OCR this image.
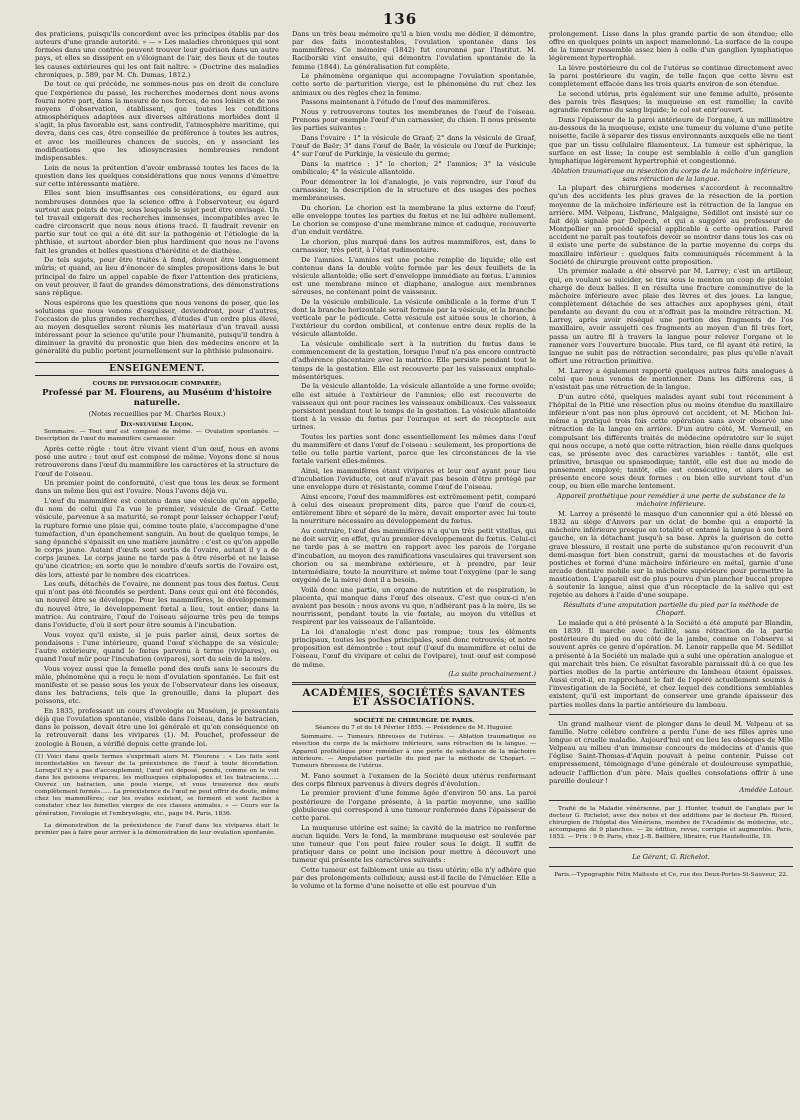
136

des praticiens, puisqu'ils concordent avec les principes établis par des auteurs d'une grande autorité. » — « Les maladies chroniques qui sont formées dans une contrée peuvent trouver leur guérison dans un autre pays, et elles se dissipent en s'éloignant de l'air, des lieux et de toutes les causes extérieures qui les ont fait naître. » (Doctrine des maladies chroniques, p. 589, par M. Ch. Dumas, 1812.)

De tout ce qui précède, ne sommes-nous pas en droit de conclure que l'expérience du passé, les recherches modernes dont nous avons fourni notre part, dans la mesure de nos forces, de nos loisirs et de nos moyens d'observation, établissent, que toutes les conditions atmosphériques adaptées aux diverses altérations morbides dont il s'agit, la plus favorable est, sans contredit, l'atmosphère maritime, qui devra, dans ces cas, être conseillée de préférence à toutes les autres, et avec les meilleures chances de succès, en y associant les modifications que les idiosyncrasies nombreuses rendent indispensables.

Loin de nous la prétention d'avoir embrassé toutes les faces de la question dans les quelques considérations que nous venons d'émettre sur cette intéressante matière.

Elles sont bien insuffisantes ces considérations, eu égard aux nombreuses données que la science offre à l'observateur, eu égard surtout aux points de vue, sous lesquels le sujet peut être envisagé. Un tel travail exigerait des recherches immenses, incompatibles avec le cadre circonscrit que nous nous étions tracé. Il faudrait revenir en partie sur tout ce qui a été dit sur la pathogénie et l'étiologie de la phthisie, et surtout aborder bien plus hardiment que nous ne l'avons fait les grandes et belles questions d'hérédité et de diathèse.

De tels sujets, pour être traités à fond, doivent être longuement mûris; et quand, au lieu d'énoncer de simples propositions dans le but principal de faire un appel capable de fixer l'attention des praticiens, on veut prouver, il faut de grandes démonstrations, des démonstrations sans réplique.

Nous espérons que les questions que nous venons de poser, que les solutions que nous venons d'esquisser, deviendront, pour d'autres, l'occasion de plus grandes recherches, d'études d'un ordre plus élevé, au moyen desquelles seront réunis les matériaux d'un travail aussi intéressant pour la science qu'utile pour l'humanité, puisqu'il tendra à diminuer la gravité du pronostic que bien des médecins encore et la généralité du public portent journellement sur la phthisie pulmonaire.

ENSEIGNEMENT.

COURS DE PHYSIOLOGIE COMPARÉE;

Professé par M. Flourens, au Muséum d'histoire naturelle.

(Notes recueillies par M. Charles Roux.)

Dix-neuvième Leçon.

Sommaire. — Tout œuf est composé de même. — Ovulation spontanée. — Description de l'œuf du mammifère carnassier.

Après cette règle : tout être vivant vient d'un œuf, nous en avons posé une autre : tout œuf est composé de même. Voyons donc si nous retrouverons dans l'œuf du mammifère les caractères et la structure de l'œuf de l'oiseau.

Un premier point de conformité, c'est que tous les deux se forment dans un même lieu qui est l'ovaire. Nous l'avons déjà vu.

L'œuf du mammifère est contenu dans une vésicule qu'on appelle, du nom de celui qui l'a vue le premier, vésicule de Graaf. Cette vésicule, parvenue à sa maturité, se rompt pour laisser échapper l'œuf; la rupture forme une plaie qui, comme toute plaie, s'accompagne d'une tuméfaction, d'un épanchement sanguin. Au bout de quelque temps, le sang épanché s'épaissit en une matière jaunâtre : c'est ce qu'on appelle le corps jaune. Autant d'œufs sont sortis de l'ovaire, autant il y a de corps jaunes. Le corps jaune ne tarde pas à être résorbé et ne laisse qu'une cicatrice; en sorte que le nombre d'œufs sortis de l'ovaire est, dès lors, attesté par le nombre des cicatrices.

Les œufs, détachés de l'ovaire, ne donnent pas tous des fœtus. Ceux qui n'ont pas été fécondés se perdent. Dans ceux qui ont été fécondés, un nouvel être se développe. Pour les mammifères, le développement du nouvel être, le développement fœtal a lieu, tout entier, dans la matrice. Au contraire, l'œuf de l'oiseau séjourne très peu de temps dans l'oviducte, d'où il sort pour être soumis à l'incubation.

Vous voyez qu'il existe, si je puis parler ainsi, deux sortes de pondaisons : l'une intérieure, quand l'œuf s'échappe de sa vésicule; l'autre extérieure, quand le fœtus parvenu à terme (vivipares), ou quand l'œuf mûr pour l'incubation (ovipares), sort du sein de la mère.

Vous voyez aussi que la femelle pond des œufs sans le secours du mâle, phénomène qui a reçu le nom d'ovulation spontanée. Le fait est manifeste et se passe sous les yeux de l'observateur dans les oiseaux, dans les batraciens, tels que la grenouille, dans la plupart des poissons, etc.

En 1835, professant un cours d'ovologie au Muséum, je pressentais déjà que l'ovulation spontanée, visible dans l'oiseau, dans le batracien, dans le poisson, devait être une loi générale et qu'en conséquence on la retrouverait dans les vivipares (1). M. Pouchet, professeur de zoologie à Rouen, a vérifié depuis cette grande loi.

(1) Voici dans quels termes s'exprimait alors M. Flourens : « Les faits sont incontestables en faveur de la préexistence de l'œuf à toute fécondation. Lorsqu'il n'y a pas d'accouplement, l'œuf est déposé, pondu, comme on le voit dans les poissons ovipares, les mollusques céphalopodes et les batraciens...... Ouvrez un batracien, une poule vierge, et vous trouverez des œufs complètement formés...... La préexistence de l'œuf ne peut offrir de doute, même chez les mammifères; car les ovules existent, se forment et sont faciles à constater chez les femelles vierges de ces classes animales. » — Cours sur la génération, l'ovologie et l'embryologie, etc., page 94. Paris, 1836.
La démonstration de la préexistence de l'œuf dans les vivipares était le premier pas à faire pour arriver à la démonstration de leur ovulation spontanée.

Dans un très beau mémoire qu'il a bien voulu me dédier, il démontre, par des faits incontestables, l'ovulation spontanée dans les mammifères. Ce mémoire (1842) fut couronné par l'Institut. M. Raciborski vint ensuite, qui démontra l'ovulation spontanée de la femme (1844). La généralisation fut complète.

Le phénomène organique qui accompagne l'ovulation spontanée, cette sorte de parturition vierge, est le phénomène du rut chez les animaux ou des règles chez la femme.

Passons maintenant à l'étude de l'œuf des mammifères.

Nous y retrouverons toutes les membranes de l'œuf de l'oiseau. Prenons pour exemple l'œuf d'un carnassier, du chien. Il nous présente les parties suivantes :

Dans l'ovaire : 1° la vésicule de Graaf; 2° dans la vésicule de Graaf, l'œuf de Baër; 3° dans l'œuf de Baër, la vésicule ou l'œuf de Purkinje; 4° sur l'œuf de Purkinje, la vésicule du germe;

Dans la matrice : 1° le chorion; 2° l'amnios; 3° la vésicule ombilicale; 4° la vésicule allantoïde.

Pour démontrer la loi d'analogie, je vais reprendre, sur l'œuf du carnassier, la description de la structure et des usages des poches membraneuses.

Du chorion. Le chorion est la membrane la plus externe de l'œuf; elle enveloppe toutes les parties du fœtus et ne lui adhère nullement. Le chorion se compose d'une membrane mince et caduque, recouverte d'un enduit verdâtre.

Le chorion, plus marqué dans les autres mammifères, est, dans le carnassier, très petit, à l'état rudimentaire.

De l'amnios. L'amnios est une poche remplie de liquide; elle est contenue dans la double voûte formée par les deux feuillets de la vésicule allantoïde; elle sert d'enveloppe immédiate au fœtus. L'amnios est une membrane mince et diaphane, analogue aux membranes séreuses, ne contenant point de vaisseaux.

De la vésicule ombilicale. La vésicule ombilicale a la forme d'un T dont la branche horizontale serait formée par la vésicule, et la branche verticale par le pédicule. Cette vésicule est située sous le chorion, à l'extérieur du cordon ombilical, et contenue entre deux replis de la vésicule allantoïde.

La vésicule ombilicale sert à la nutrition du fœtus dans le commencement de la gestation, lorsque l'œuf n'a pas encore contracté d'adhérence placentaire avec la matrice. Elle persiste pendant tout le temps de la gestation. Elle est recouverte par les vaisseaux omphalo-mésentériques.

De la vésicule allantoïde. La vésicule allantoïde a une forme ovoïde; elle est située à l'extérieur de l'amnios; elle est recouverte de vaisseaux qui ont pour racines les vaisseaux ombilicaux. Ces vaisseaux persistent pendant tout le temps de la gestation. La vésicule allantoïde tient à la vessie du fœtus par l'ouraque et sert de réceptacle aux urines.

Toutes les parties sont donc essentiellement les mêmes dans l'œuf du mammifère et dans l'œuf de l'oiseau : seulement, les proportions de telle ou telle partie varient, parce que les circonstances de la vie fœtale varient elles-mêmes.

Ainsi, les mammifères étant vivipares et leur œuf ayant pour lieu d'incubation l'oviducte, cet œuf n'avait pas besoin d'être protégé par une enveloppe dure et résistante, comme l'œuf de l'oiseau.

Ainsi encore, l'œuf des mammifères est extrêmement petit, comparé à celui des oiseaux proprement dits, parce que l'œuf de ceux-ci, entièrement libre et séparé de la mère, devait emporter avec lui toute la nourriture nécessaire au développement du fœtus.

Au contraire, l'œuf des mammifères n'a qu'un très petit vitellus, qui ne doit servir, en effet, qu'au premier développement du fœtus. Celui-ci ne tarde pas à se mettre en rapport avec les parois de l'organe d'incubation, au moyen des ramifications vasculaires qui traversent son chorion ou sa membrane extérieure, et à prendre, par leur intermédiaire, toute la nourriture et même tout l'oxygène (par le sang oxygéné de la mère) dont il a besoin.

Voilà donc une partie, un organe de nutrition et de respiration, le placenta, qui manque dans l'œuf des oiseaux. C'est que ceux-ci n'en avaient pas besoin : nous avons vu que, n'adhérant pas à la mère, ils se nourrissent, pendant toute la vie fœtale, au moyen du vitellus et respirent par les vaisseaux de l'allantoïde.

La loi d'analogie n'est donc pas rompue; tous les éléments principaux, toutes les poches principales, sont donc retrouvés; et notre proposition est démontrée : tout œuf (l'œuf du mammifère et celui de l'oiseau, l'œuf du vivipare et celui de l'ovipare), tout œuf est composé de même.

(La suite prochainement.)

ACADÉMIES, SOCIÉTÉS SAVANTES ET ASSOCIATIONS.

SOCIÉTÉ DE CHIRURGIE DE PARIS.

Séances du 7 et du 14 Février 1855. — Présidence de M. Huguier.

Sommaire. — Tumeurs fibreuses de l'utérus. — Ablation traumatique ou résection du corps de la mâchoire inférieure, sans rétraction de la langue. — Appareil prothétique pour remédier à une perte de substance de la mâchoire inférieure. — Amputation partielle du pied par la méthode de Chopart. — Tumeurs fibreuses de l'utérus.

M. Fano soumet à l'examen de la Société deux utérus renfermant des corps fibreux parvenus à divers degrés d'évolution.

Le premier provient d'une femme âgée d'environ 50 ans. La paroi postérieure de l'organe présente, à la partie moyenne, une saillie globuleuse qui correspond à une tumeur renfermée dans l'épaisseur de cette paroi.

La muqueuse utérine est saine; la cavité de la matrice ne renferme aucun liquide. Vers le fond, la membrane muqueuse est soulevée par une tumeur que l'on peut faire rouler sous le doigt. Il suffit de pratiquer dans ce point une incision pour mettre à découvert une tumeur qui présente les caractères suivants :

Cette tumeur est faiblement unie au tissu utérin; elle n'y adhère que par des prolongements celluleux; aussi est-il facile de l'énucléer. Elle a le volume et la forme d'une noisette et elle est pourvue d'un

prolongement. Lisse dans la plus grande partie de son étendue; elle offre en quelques points un aspect mamelonné. La surface de la coupe de la tumeur ressemble assez bien à celle d'un ganglion lymphatique légèrement hypertrophié.

La lèvre postérieure du col de l'utérus se continue directement avec la paroi postérieure du vagin, de telle façon que cette lèvre est complètement effacée dans les trois quarts environ de son étendue.

Le second utérus, pris également sur une femme adulte, présente des parois très flasques; la muqueuse en est ramollie; la cavité agrandie renferme du sang liquide; le col est entr'ouvert.

Dans l'épaisseur de la paroi antérieure de l'organe, à un millimètre au-dessous de la muqueuse, existe une tumeur du volume d'une petite noisette, facile à séparer des tissus environnants auxquels elle ne tient que par un tissu cellulaire filamenteux. La tumeur est sphérique, la surface en est lisse; la coupe est semblable à celle d'un ganglion lymphatique légèrement hypertrophié et congestionné.

Ablation traumatique ou résection du corps de la mâchoire inférieure, sans rétraction de la langue.

La plupart des chirurgiens modernes s'accordent à reconnaître qu'un des accidents les plus graves de la résection de la portion moyenne de la mâchoire inférieure est la rétraction de la langue en arrière. MM. Velpeau, Lisfranc, Malgaigne, Sédillot ont insisté sur ce fait déjà signalé par Delpech, et qui a suggéré au professeur de Montpellier un procédé spécial applicable à cette opération. Pareil accident ne paraît pas toutefois devoir se montrer dans tous les cas où il existe une perte de substance de la partie moyenne du corps du maxillaire inférieur : quelques faits communiqués récemment à la Société de chirurgie prouvent cette proposition.

Un premier malade a été observé par M. Larrey; c'est un artilleur, qui, en voulant se suicider, se tira sous le menton un coup de pistolet chargé de deux balles. Il en résulta une fracture comminutive de la mâchoire inférieure avec plaie des lèvres et des joues. La langue, complètement détachée de ses attaches aux apophyses géni, était pendante au devant du cou et n'offrait pas la moindre rétraction. M. Larrey, après avoir réséqué une portion des fragments de l'os maxillaire, avoir assujetti ces fragments au moyen d'un fil très fort, passa un autre fil à travers la langue pour relever l'organe et le ramener vers l'ouverture buccale. Plus tard, ce fil ayant été retiré, la langue ne subit pas de rétraction secondaire, pas plus qu'elle n'avait offert une rétraction primitive.

M. Larrey a également rapporté quelques autres faits analogues à celui que nous venons de mentionner. Dans les différens cas, il n'existait pas une rétraction de la langue.

D'un autre côté, quelques malades ayant subi tout récemment à l'hôpital de la Pitié une résection plus ou moins étendue du maxillaire inférieur n'ont pas non plus éprouvé cet accident, et M. Michon lui-même a pratiqué trois fois cette opération sans avoir observé une rétraction de la langue en arrière. D'un autre côté, M. Verneuil, en compulsant les différents traités de médecine opératoire sur le sujet qui nous occupe, a noté que cette rétraction, bien réelle dans quelques cas, se présente avec des caractères variables : tantôt, elle est primitive, brusque ou spasmodique; tantôt, elle est due au mode de pansement employé; tantôt, elle est consécutive, et alors elle se présente encore sous deux formes : ou bien elle survient tout d'un coup, ou bien elle marche lentement.

Appareil prothétique pour remédier à une perte de substance de la mâchoire inférieure.

M. Larrey a présenté le masque d'un canonnier qui a été blessé en 1832 au siège d'Anvers par un éclat de bombe qui a emporté la mâchoire inférieure presque en totalité et entamé la langue à son bord gauche, en la détachant jusqu'à sa base. Après la guérison de cette grave blessure, il restait une perte de substance qu'on recouvrit d'un demi-masque fort bien construit, garni de moustaches et de favoris postiches et formé d'une mâchoire inférieure en métal, garnie d'une arcade dentaire mobile sur la mâchoire supérieure pour permettre la mastication. L'appareil est de plus pourvu d'un plancher buccal propre à soutenir la langue, ainsi que d'un réceptacle de la salive qui est rejetée au dehors à l'aide d'une soupape.

Résultats d'une amputation partielle du pied par la méthode de Chopart.

Le malade qui a été présenté à la Société a été amputé par Blandin, en 1839. Il marche avec facilité, sans rétraction de la partie postérieure du pied ou du côté de la jambe, comme on l'observe si souvent après ce genre d'opération. M. Lenoir rappelle que M. Sédillot a présenté à la Société un malade qui a subi une opération analogue et qui marchait très bien. Ce résultat favorable paraissait dû à ce que les parties molles de la partie antérieure du lambeau étaient épaisses. Aussi croit-il, en rapprochant le fait de l'opéré actuellement soumis à l'investigation de la Société, et chez lequel des conditions semblables existent, qu'il est important de conserver une grande épaisseur des parties molles dans la partie antérieure du lambeau.

Un grand malheur vient de plonger dans le deuil M. Velpeau et sa famille. Notre célèbre confrère a perdu l'une de ses filles après une longue et cruelle maladie. Aujourd'hui ont eu lieu les obsèques de Mlle Velpeau au milieu d'un immense concours de médecins et d'amis que l'église Saint-Thomas-d'Aquin pouvait à peine contenir. Puisse cet empressement, témoignage d'une générale et douloureuse sympathie, adoucir l'affliction d'un père. Mais quelles consolations offrir à une pareille douleur !

Amédée Latour.

Traité de la Maladie vénérienne, par J. Hunter, traduit de l'anglais par le docteur G. Richelot, avec des notes et des additions par le docteur Ph. Ricord, chirurgien de l'hôpital des Vénériens, membre de l'Académie de médecine, etc., accompagné de 9 planches. — 2e édition, revue, corrigée et augmentée. Paris, 1852. — Prix : 9 fr. Paris, chez J.-B. Baillière, libraire, rue Hautefeuille, 19.

Le Gérant, G. Richelot.

Paris.—Typographie Félix Malteste et Ce, rue des Deux-Portes-St-Sauveur, 22.
